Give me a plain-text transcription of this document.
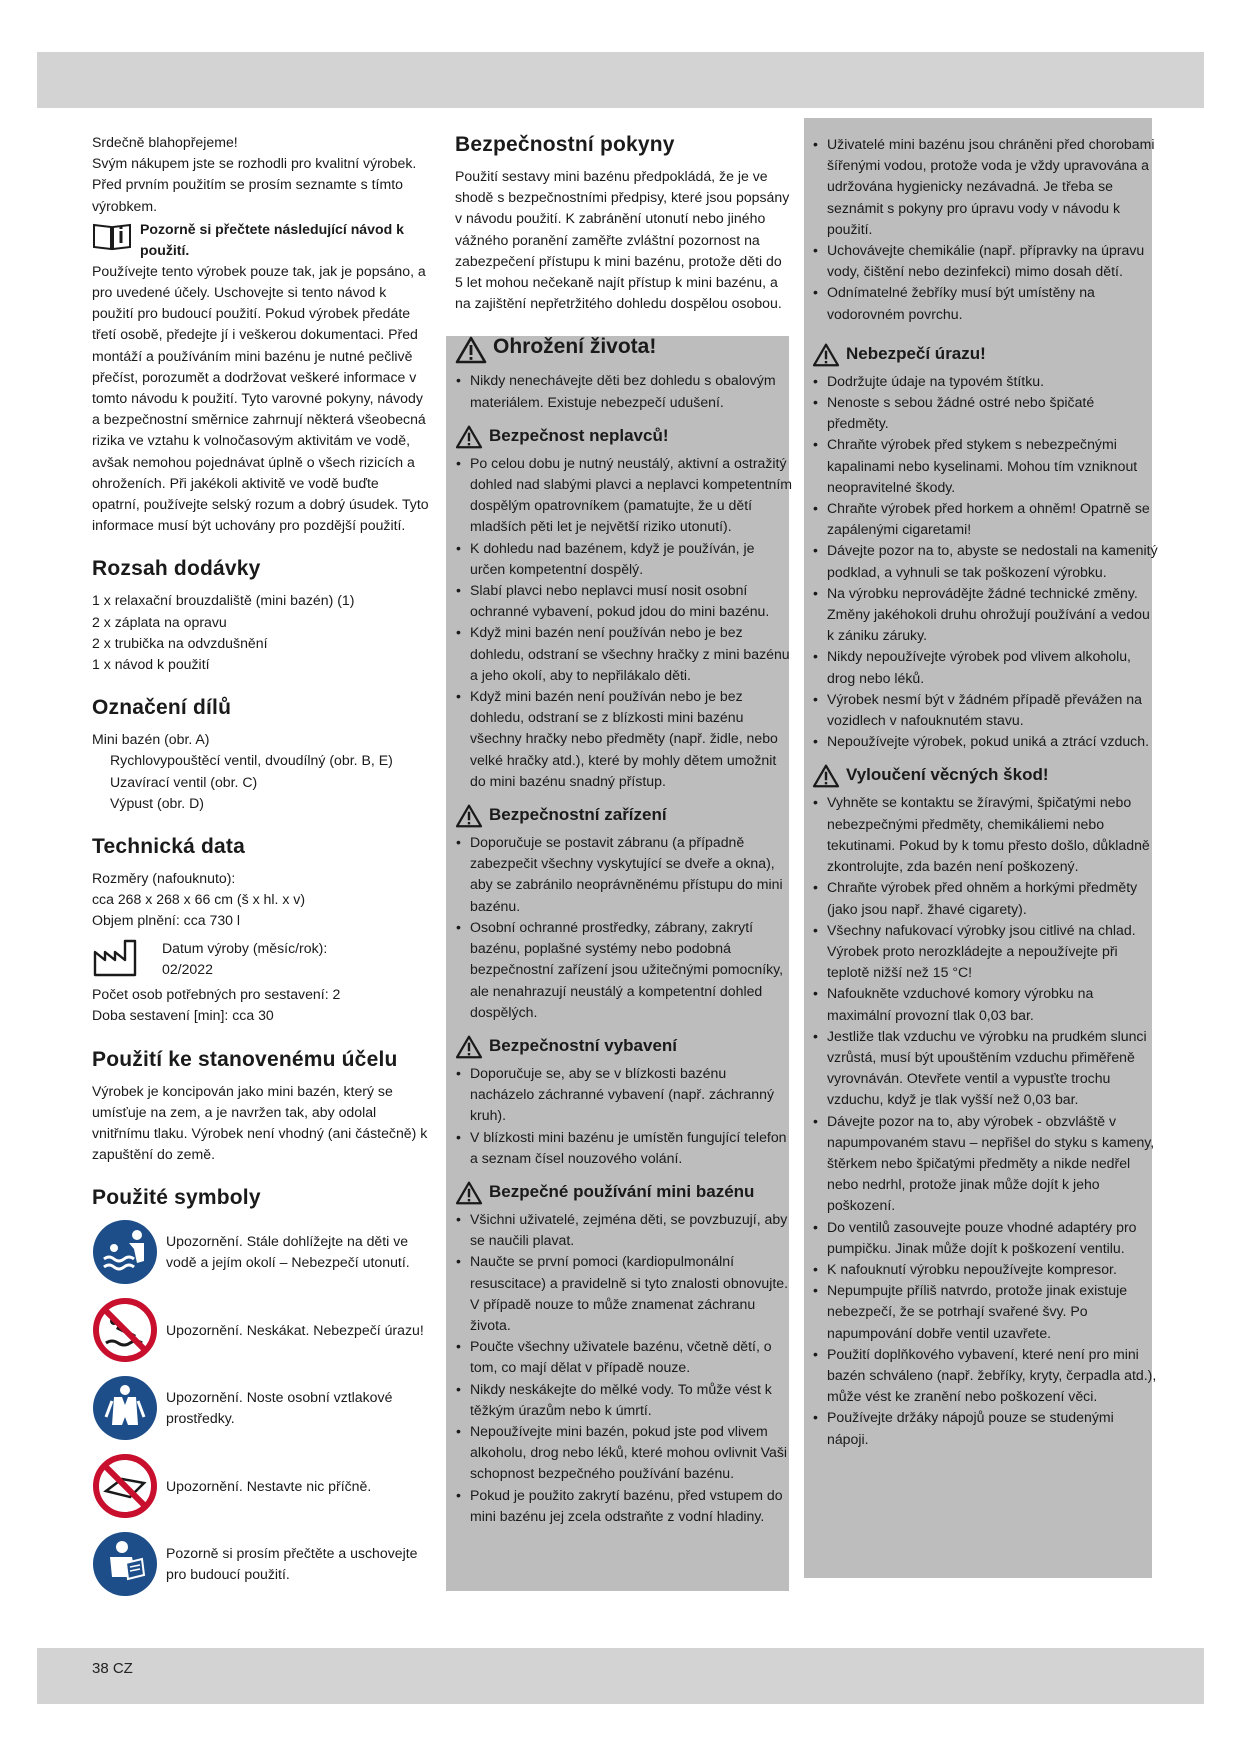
Srdečně blahopřejeme!

Svým nákupem jste se rozhodli pro kvalitní výrobek. Před prvním použitím se prosím seznamte s tímto výrobkem.

Pozorně si přečtete následující návod k použití.

Používejte tento výrobek pouze tak, jak je popsáno, a pro uvedené účely. Uschovejte si tento návod k použití pro budoucí použití. Pokud výrobek předáte třetí osobě, předejte jí i veškerou dokumentaci. Před montáží a používáním mini bazénu je nutné pečlivě přečíst, porozumět a dodržovat veškeré informace v tomto návodu k použití. Tyto varovné pokyny, návody a bezpečnostní směrnice zahrnují některá všeobecná rizika ve vztahu k volnočasovým aktivitám ve vodě, avšak nemohou pojednávat úplně o všech rizicích a ohroženích. Při jakékoli aktivitě ve vodě buďte opatrní, používejte selský rozum a dobrý úsudek. Tyto informace musí být uchovány pro pozdější použití.

Rozsah dodávky

1 x relaxační brouzdaliště (mini bazén) (1)

2 x záplata na opravu

2 x trubička na odvzdušnění

1 x návod k použití

Označení dílů

Mini bazén (obr. A)

Rychlovypouštěcí ventil, dvoudílný (obr. B, E)

Uzavírací ventil (obr. C)

Výpust (obr. D)

Technická data

Rozměry (nafouknuto):

cca 268 x 268 x 66 cm (š x hl. x v)

Objem plnění: cca 730 l

Datum výroby (měsíc/rok):

02/2022

Počet osob potřebných pro sestavení: 2

Doba sestavení [min]: cca 30

Použití ke stanovenému účelu

Výrobek je koncipován jako mini bazén, který se umísťuje na zem, a je navržen tak, aby odolal vnitřnímu tlaku. Výrobek není vhodný (ani částečně) k zapuštění do země.

Použité symboly
Upozornění. Stále dohlížejte na děti ve vodě a jejím okolí – Nebezpečí utonutí.
Upozornění. Neskákat. Nebezpečí úrazu!
Upozornění. Noste osobní vztlakové prostředky.
Upozornění. Nestavte nic příčně.
Pozorně si prosím přečtěte a uschovejte pro budoucí použití.
Bezpečnostní pokyny

Použití sestavy mini bazénu předpokládá, že je ve shodě s bezpečnostními předpisy, které jsou popsány v návodu použití. K zabránění utonutí nebo jiného vážného poranění zaměřte zvláštní pozornost na zabezpečení přístupu k mini bazénu, protože děti do 5 let mohou nečekaně najít přístup k mini bazénu, a na zajištění nepřetržitého dohledu dospělou osobou.

Ohrožení života!
• Nikdy nenechávejte děti bez dohledu s obalovým materiálem. Existuje nebezpečí udušení.
Bezpečnost neplavců!
• Po celou dobu je nutný neustálý, aktivní a ostražitý dohled nad slabými plavci a neplavci kompetentním dospělým opatrovníkem (pamatujte, že u dětí mladších pěti let je největší riziko utonutí).
• K dohledu nad bazénem, když je používán, je určen kompetentní dospělý.
• Slabí plavci nebo neplavci musí nosit osobní ochranné vybavení, pokud jdou do mini bazénu.
• Když mini bazén není používán nebo je bez dohledu, odstraní se všechny hračky z mini bazénu a jeho okolí, aby to nepřilákalo děti.
• Když mini bazén není používán nebo je bez dohledu, odstraní se z blízkosti mini bazénu všechny hračky nebo předměty (např. židle, nebo velké hračky atd.), které by mohly dětem umožnit do mini bazénu snadný přístup.
Bezpečnostní zařízení
• Doporučuje se postavit zábranu (a případně zabezpečit všechny vyskytující se dveře a okna), aby se zabránilo neoprávněnému přístupu do mini bazénu.
• Osobní ochranné prostředky, zábrany, zakrytí bazénu, poplašné systémy nebo podobná bezpečnostní zařízení jsou užitečnými pomocníky, ale nenahrazují neustálý a kompetentní dohled dospělých.
Bezpečnostní vybavení
• Doporučuje se, aby se v blízkosti bazénu nacházelo záchranné vybavení (např. záchranný kruh).
• V blízkosti mini bazénu je umístěn fungující telefon a seznam čísel nouzového volání.
Bezpečné používání mini bazénu
• Všichni uživatelé, zejména děti, se povzbuzují, aby se naučili plavat.
• Naučte se první pomoci (kardiopulmonální resuscitace) a pravidelně si tyto znalosti obnovujte. V případě nouze to může znamenat záchranu života.
• Poučte všechny uživatele bazénu, včetně dětí, o tom, co mají dělat v případě nouze.
• Nikdy neskákejte do mělké vody. To může vést k těžkým úrazům nebo k úmrtí.
• Nepoužívejte mini bazén, pokud jste pod vlivem alkoholu, drog nebo léků, které mohou ovlivnit Vaši schopnost bezpečného používání bazénu.
• Pokud je použito zakrytí bazénu, před vstupem do mini bazénu jej zcela odstraňte z vodní hladiny.
• Uživatelé mini bazénu jsou chráněni před chorobami šířenými vodou, protože voda je vždy upravována a udržována hygienicky nezávadná. Je třeba se seznámit s pokyny pro úpravu vody v návodu k použití.
• Uchovávejte chemikálie (např. přípravky na úpravu vody, čištění nebo dezinfekci) mimo dosah dětí.
• Odnímatelné žebříky musí být umístěny na vodorovném povrchu.
Nebezpečí úrazu!
• Dodržujte údaje na typovém štítku.
• Nenoste s sebou žádné ostré nebo špičaté předměty.
• Chraňte výrobek před stykem s nebezpečnými kapalinami nebo kyselinami. Mohou tím vzniknout neopravitelné škody.
• Chraňte výrobek před horkem a ohněm! Opatrně se zapálenými cigaretami!
• Dávejte pozor na to, abyste se nedostali na kamenitý podklad, a vyhnuli se tak poškození výrobku.
• Na výrobku neprovádějte žádné technické změny. Změny jakéhokoli druhu ohrožují používání a vedou k zániku záruky.
• Nikdy nepoužívejte výrobek pod vlivem alkoholu, drog nebo léků.
• Výrobek nesmí být v žádném případě převážen na vozidlech v nafouknutém stavu.
• Nepoužívejte výrobek, pokud uniká a ztrácí vzduch.
Vyloučení věcných škod!
• Vyhněte se kontaktu se žíravými, špičatými nebo nebezpečnými předměty, chemikáliemi nebo tekutinami. Pokud by k tomu přesto došlo, důkladně zkontrolujte, zda bazén není poškozený.
• Chraňte výrobek před ohněm a horkými předměty (jako jsou např. žhavé cigarety).
• Všechny nafukovací výrobky jsou citlivé na chlad. Výrobek proto nerozkládejte a nepoužívejte při teplotě nižší než 15 °C!
• Nafoukněte vzduchové komory výrobku na maximální provozní tlak 0,03 bar.
• Jestliže tlak vzduchu ve výrobku na prudkém slunci vzrůstá, musí být upouštěním vzduchu přiměřeně vyrovnáván. Otevřete ventil a vypusťte trochu vzduchu, když je tlak vyšší než 0,03 bar.
• Dávejte pozor na to, aby výrobek - obzvláště v napumpovaném stavu – nepřišel do styku s kameny, štěrkem nebo špičatými předměty a nikde nedřel nebo nedrhl, protože jinak může dojít k jeho poškození.
• Do ventilů zasouvejte pouze vhodné adaptéry pro pumpičku. Jinak může dojít k poškození ventilu.
• K nafouknutí výrobku nepoužívejte kompresor.
• Nepumpujte příliš natvrdo, protože jinak existuje nebezpečí, že se potrhají svařené švy. Po napumpování dobře ventil uzavřete.
• Použití doplňkového vybavení, které není pro mini bazén schváleno (např. žebříky, kryty, čerpadla atd.), může vést ke zranění nebo poškození věci.
• Používejte držáky nápojů pouze se studenými nápoji.
38 CZ
